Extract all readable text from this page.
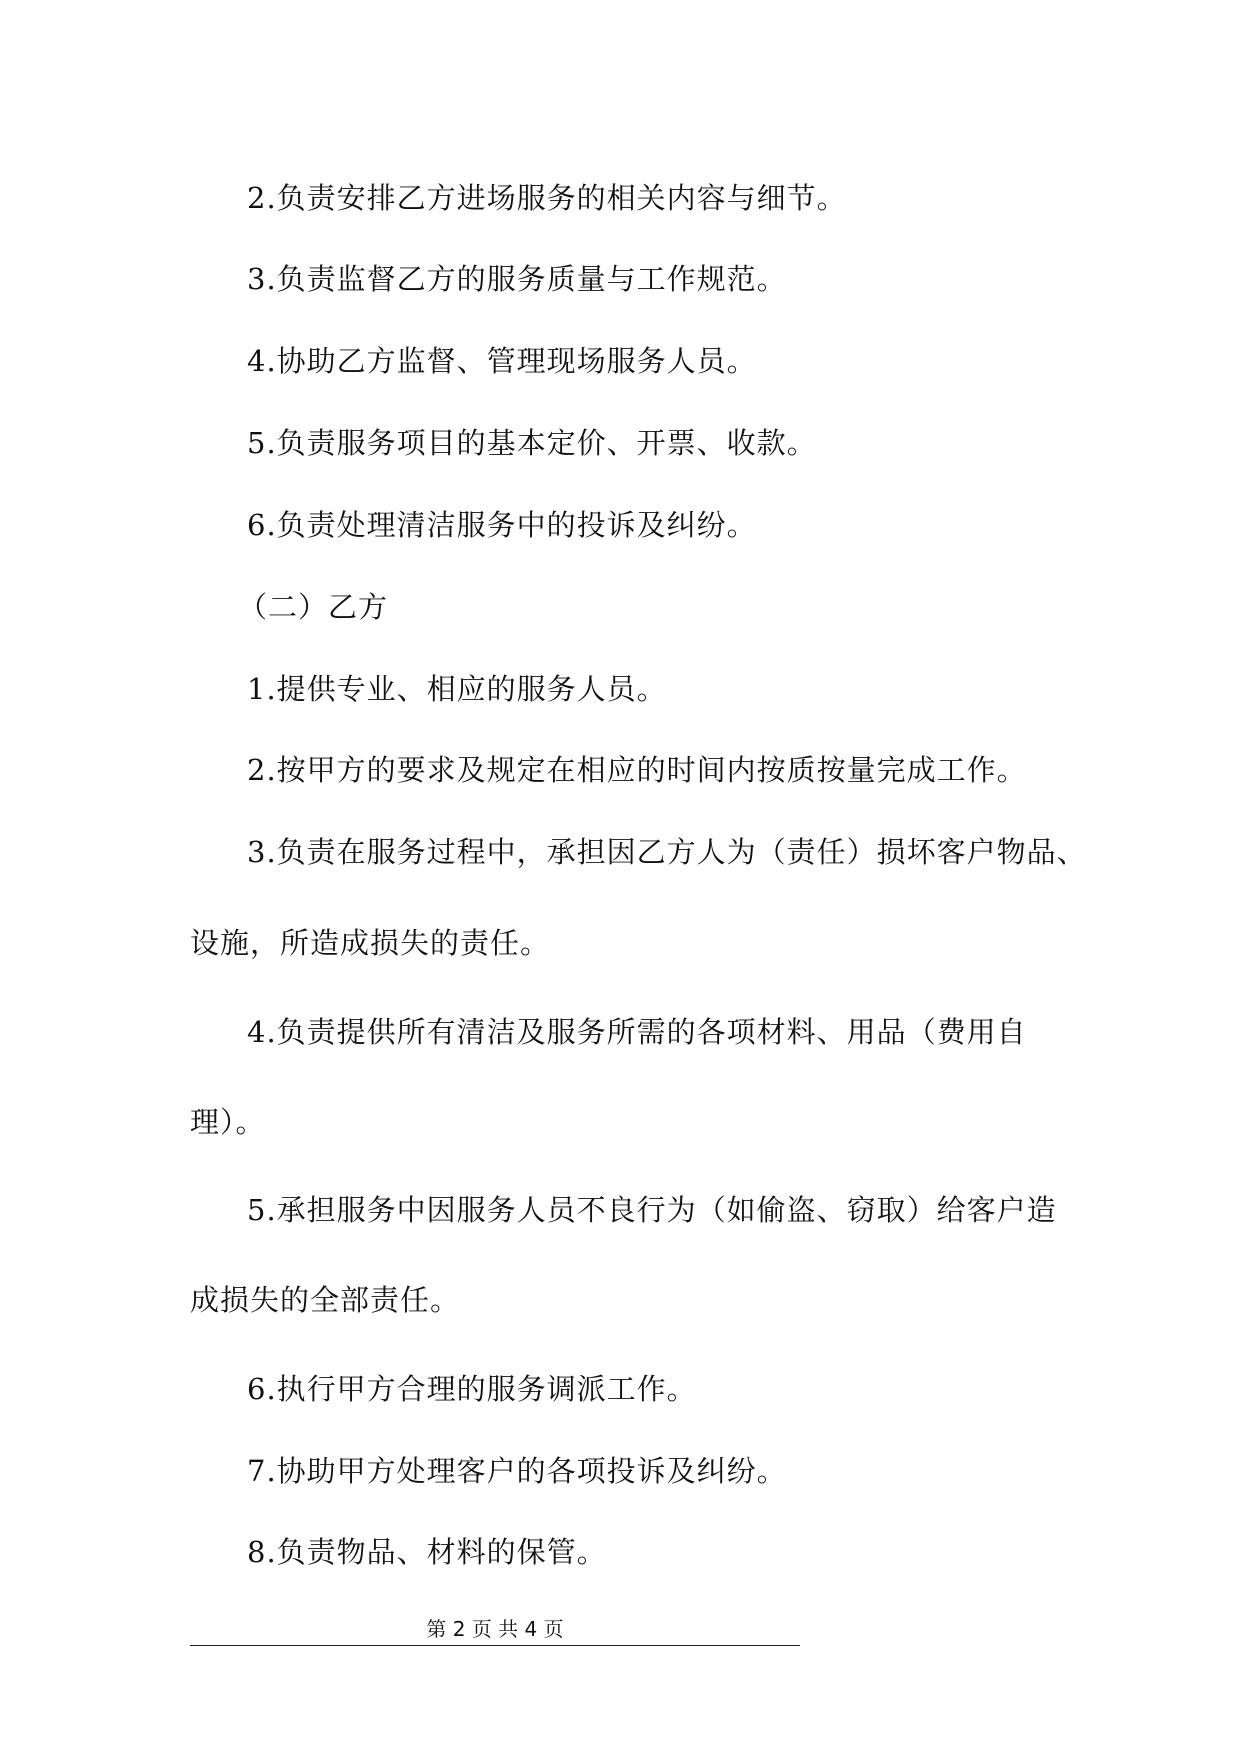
2.负责安排乙方进场服务的相关内容与细节。
3.负责监督乙方的服务质量与工作规范。
4.协助乙方监督、管理现场服务人员。
5.负责服务项目的基本定价、开票、收款。
6.负责处理清洁服务中的投诉及纠纷。
（二）乙方
1.提供专业、相应的服务人员。
2.按甲方的要求及规定在相应的时间内按质按量完成工作。
3.负责在服务过程中，承担因乙方人为（责任）损坏客户物品、
设施，所造成损失的责任。
4.负责提供所有清洁及服务所需的各项材料、用品（费用自
理）。
5.承担服务中因服务人员不良行为（如偷盗、窃取）给客户造
成损失的全部责任。
6.执行甲方合理的服务调派工作。
7.协助甲方处理客户的各项投诉及纠纷。
8.负责物品、材料的保管。
第 2 页 共 4 页
